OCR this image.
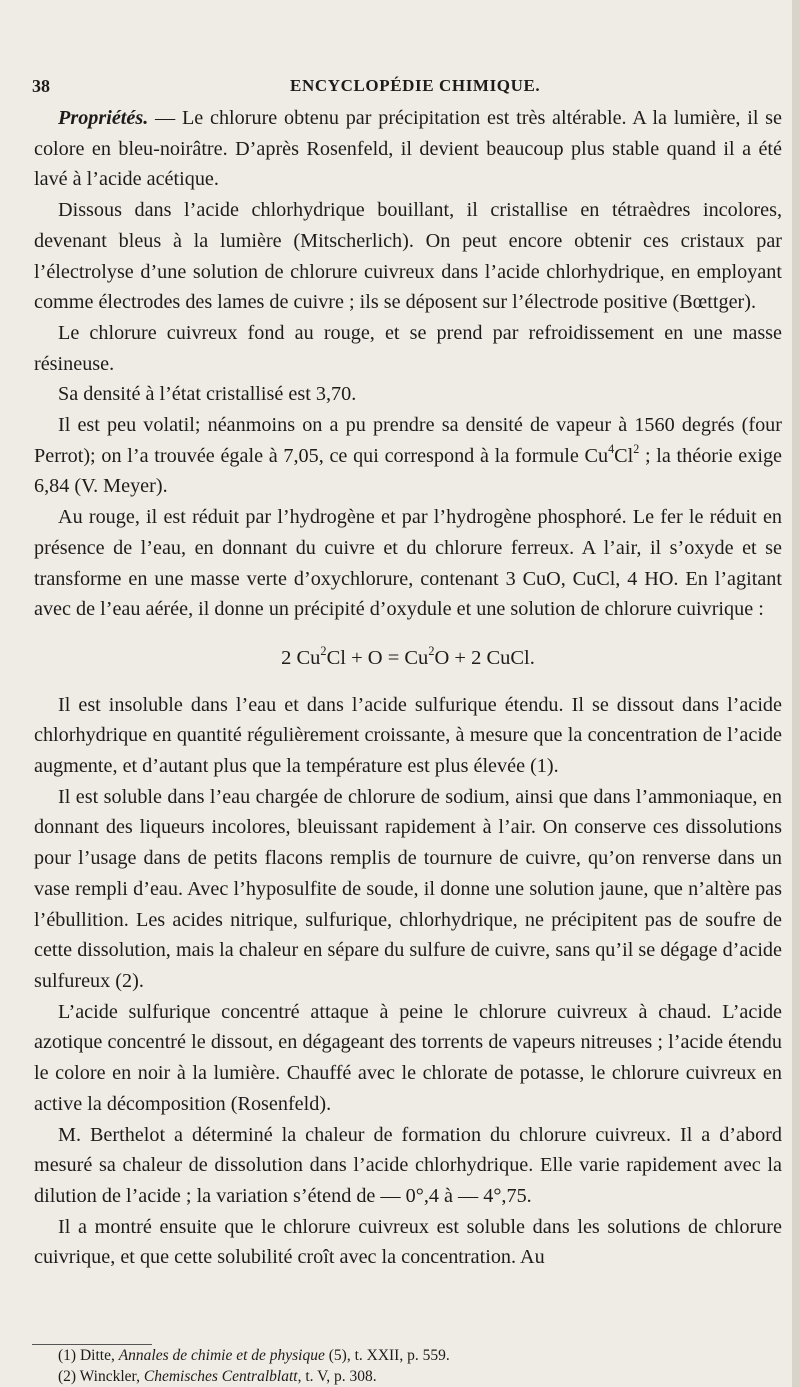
38	ENCYCLOPÉDIE CHIMIQUE.

Propriétés. — Le chlorure obtenu par précipitation est très altérable. A la lumière, il se colore en bleu-noirâtre. D’après Rosenfeld, il devient beaucoup plus stable quand il a été lavé à l’acide acétique.

Dissous dans l’acide chlorhydrique bouillant, il cristallise en tétraèdres incolores, devenant bleus à la lumière (Mitscherlich). On peut encore obtenir ces cristaux par l’électrolyse d’une solution de chlorure cuivreux dans l’acide chlorhydrique, en employant comme électrodes des lames de cuivre ; ils se déposent sur l’électrode positive (Bœttger).

Le chlorure cuivreux fond au rouge, et se prend par refroidissement en une masse résineuse.

Sa densité à l’état cristallisé est 3,70.

Il est peu volatil; néanmoins on a pu prendre sa densité de vapeur à 1560 degrés (four Perrot); on l’a trouvée égale à 7,05, ce qui correspond à la formule Cu$^4$Cl$^2$ ; la théorie exige 6,84 (V. Meyer).

Au rouge, il est réduit par l’hydrogène et par l’hydrogène phosphoré. Le fer le réduit en présence de l’eau, en donnant du cuivre et du chlorure ferreux. A l’air, il s’oxyde et se transforme en une masse verte d’oxychlorure, contenant 3 CuO, CuCl, 4 HO. En l’agitant avec de l’eau aérée, il donne un précipité d’oxydule et une solution de chlorure cuivrique :

2 $Cu^2Cl + O = Cu^2O + 2$ CuCl.

Il est insoluble dans l’eau et dans l’acide sulfurique étendu. Il se dissout dans l’acide chlorhydrique en quantité régulièrement croissante, à mesure que la concentration de l’acide augmente, et d’autant plus que la température est plus élevée (1).

Il est soluble dans l’eau chargée de chlorure de sodium, ainsi que dans l’ammoniaque, en donnant des liqueurs incolores, bleuissant rapidement à l’air. On conserve ces dissolutions pour l’usage dans de petits flacons remplis de tournure de cuivre, qu’on renverse dans un vase rempli d’eau. Avec l’hyposulfite de soude, il donne une solution jaune, que n’altère pas l’ébullition. Les acides nitrique, sulfurique, chlorhydrique, ne précipitent pas de soufre de cette dissolution, mais la chaleur en sépare du sulfure de cuivre, sans qu’il se dégage d’acide sulfureux (2).

L’acide sulfurique concentré attaque à peine le chlorure cuivreux à chaud. L’acide azotique concentré le dissout, en dégageant des torrents de vapeurs nitreuses ; l’acide étendu le colore en noir à la lumière. Chauffé avec le chlorate de potasse, le chlorure cuivreux en active la décomposition (Rosenfeld).

M. Berthelot a déterminé la chaleur de formation du chlorure cuivreux. Il a d’abord mesuré sa chaleur de dissolution dans l’acide chlorhydrique. Elle varie rapidement avec la dilution de l’acide ; la variation s’étend de — 0°,4 à — 4°,75.

Il a montré ensuite que le chlorure cuivreux est soluble dans les solutions de chlorure cuivrique, et que cette solubilité croît avec la concentration. Au

(1) Ditte, Annales de chimie et de physique (5), t. XXII, p. 559.
(2) Winckler, Chemisches Centralblatt, t. V, p. 308.
